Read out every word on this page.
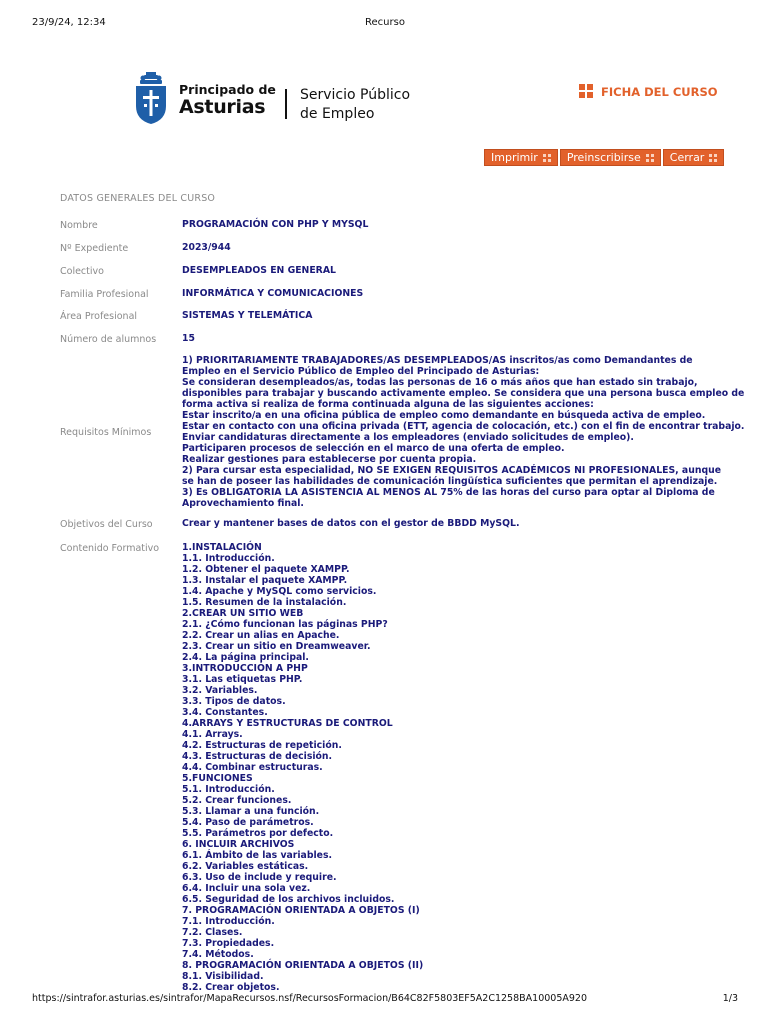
23/9/24, 12:34	Recurso
Principado de
Asturias
Servicio Público
de Empleo
FICHA DEL CURSO
Imprimir	Preinscribirse	Cerrar
DATOS GENERALES DEL CURSO
Nombre	PROGRAMACIÓN CON PHP Y MYSQL
Nº Expediente	2023/944
Colectivo	DESEMPLEADOS EN GENERAL
Familia Profesional	INFORMÁTICA Y COMUNICACIONES
Área Profesional	SISTEMAS Y TELEMÁTICA
Número de alumnos	15
Requisitos Mínimos
1) PRIORITARIAMENTE TRABAJADORES/AS DESEMPLEADOS/AS inscritos/as como Demandantes de
Empleo en el Servicio Público de Empleo del Principado de Asturias:
Se consideran desempleados/as, todas las personas de 16 o más años que han estado sin trabajo,
disponibles para trabajar y buscando activamente empleo. Se considera que una persona busca empleo de
forma activa si realiza de forma continuada alguna de las siguientes acciones:
Estar inscrito/a en una oficina pública de empleo como demandante en búsqueda activa de empleo.
Estar en contacto con una oficina privada (ETT, agencia de colocación, etc.) con el fin de encontrar trabajo.
Enviar candidaturas directamente a los empleadores (enviado solicitudes de empleo).
Participaren procesos de selección en el marco de una oferta de empleo.
Realizar gestiones para establecerse por cuenta propia.
2) Para cursar esta especialidad, NO SE EXIGEN REQUISITOS ACADÉMICOS NI PROFESIONALES, aunque
se han de poseer las habilidades de comunicación lingüística suficientes que permitan el aprendizaje.
3) Es OBLIGATORIA LA ASISTENCIA AL MENOS AL 75% de las horas del curso para optar al Diploma de
Aprovechamiento final.
Objetivos del Curso	Crear y mantener bases de datos con el gestor de BBDD MySQL.
Contenido Formativo 1.INSTALACIÓN
1.1. Introducción.
1.2. Obtener el paquete XAMPP.
1.3. Instalar el paquete XAMPP.
1.4. Apache y MySQL como servicios.
1.5. Resumen de la instalación.
2.CREAR UN SITIO WEB
2.1. ¿Cómo funcionan las páginas PHP?
2.2. Crear un alias en Apache.
2.3. Crear un sitio en Dreamweaver.
2.4. La página principal.
3.INTRODUCCIÓN A PHP
3.1. Las etiquetas PHP.
3.2. Variables.
3.3. Tipos de datos.
3.4. Constantes.
4.ARRAYS Y ESTRUCTURAS DE CONTROL
4.1. Arrays.
4.2. Estructuras de repetición.
4.3. Estructuras de decisión.
4.4. Combinar estructuras.
5.FUNCIONES
5.1. Introducción.
5.2. Crear funciones.
5.3. Llamar a una función.
5.4. Paso de parámetros.
5.5. Parámetros por defecto.
6. INCLUIR ARCHIVOS
6.1. Ámbito de las variables.
6.2. Variables estáticas.
6.3. Uso de include y require.
6.4. Incluir una sola vez.
6.5. Seguridad de los archivos incluidos.
7. PROGRAMACIÓN ORIENTADA A OBJETOS (I)
7.1. Introducción.
7.2. Clases.
7.3. Propiedades.
7.4. Métodos.
8. PROGRAMACIÓN ORIENTADA A OBJETOS (II)
8.1. Visibilidad.
8.2. Crear objetos.
https://sintrafor.asturias.es/sintrafor/MapaRecursos.nsf/RecursosFormacion/B64C82F5803EF5A2C1258BA10005A920	1/3
